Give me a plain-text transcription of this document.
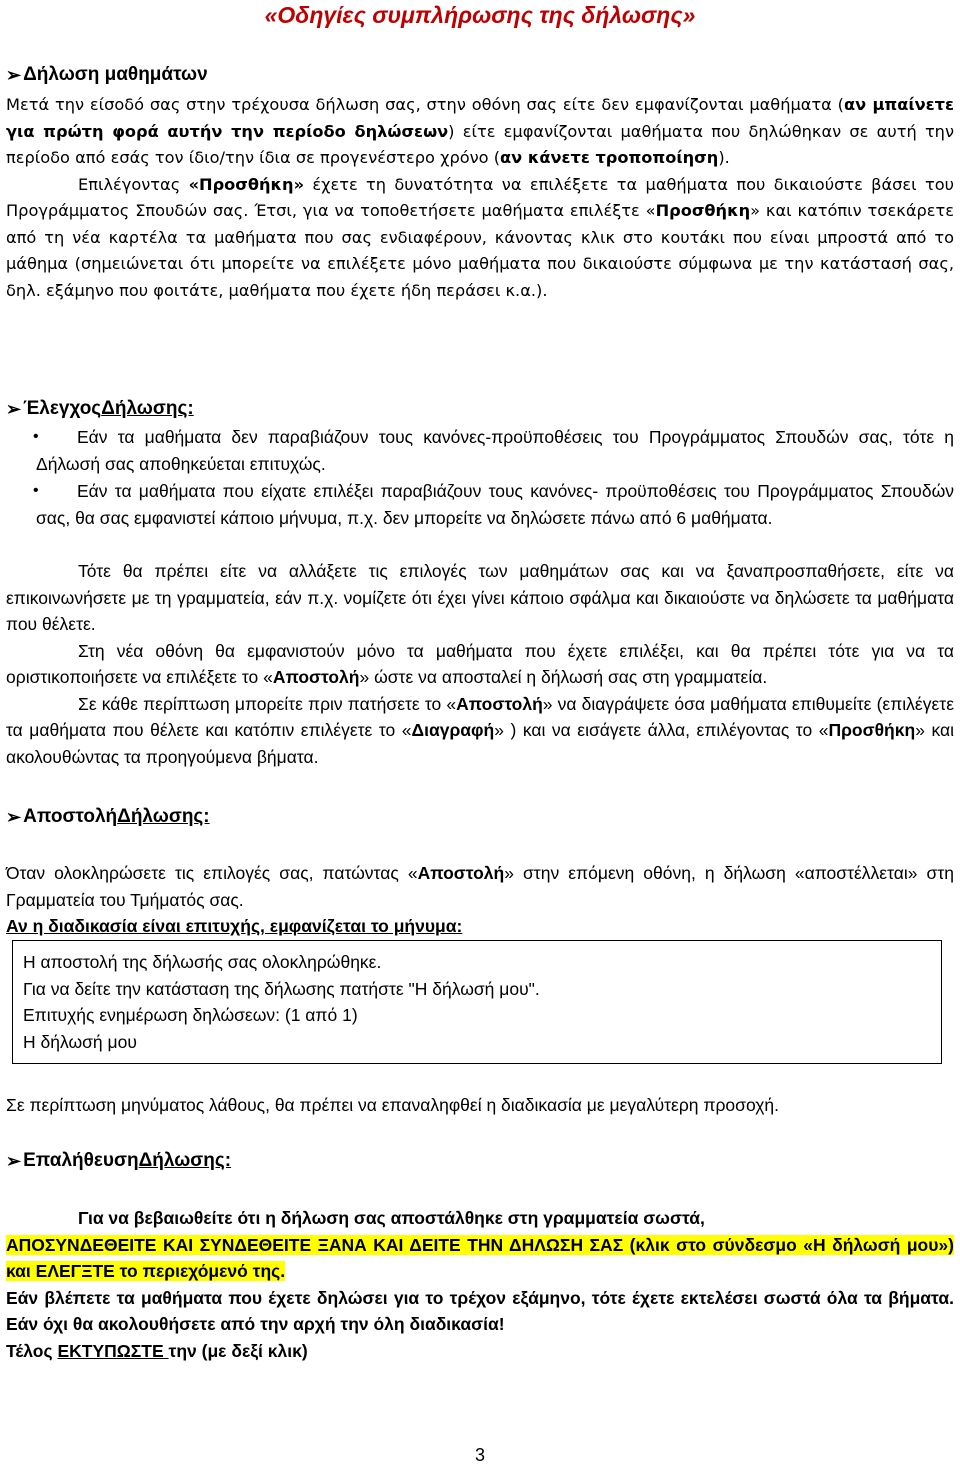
«Οδηγίες συμπλήρωσης της δήλωσης»
➢ Δήλωση μαθημάτων

Μετά την είσοδό σας στην τρέχουσα δήλωση σας, στην οθόνη σας είτε δεν εμφανίζονται μαθήματα (αν μπαίνετε για πρώτη φορά αυτήν την περίοδο δηλώσεων) είτε εμφανίζονται μαθήματα που δηλώθηκαν σε αυτή την περίοδο από εσάς τον ίδιο/την ίδια σε προγενέστερο χρόνο (αν κάνετε τροποποίηση).

Επιλέγοντας «Προσθήκη» έχετε τη δυνατότητα να επιλέξετε τα μαθήματα που δικαιούστε βάσει του Προγράμματος Σπουδών σας. Έτσι, για να τοποθετήσετε μαθήματα επιλέξτε «Προσθήκη» και κατόπιν τσεκάρετε από τη νέα καρτέλα τα μαθήματα που σας ενδιαφέρουν, κάνοντας κλικ στο κουτάκι που είναι μπροστά από το μάθημα (σημειώνεται ότι μπορείτε να επιλέξετε μόνο μαθήματα που δικαιούστε σύμφωνα με την κατάστασή σας, δηλ. εξάμηνο που φοιτάτε, μαθήματα που έχετε ήδη περάσει κ.α.).

➢ Έλεγχος Δήλωσης:
•	Εάν τα μαθήματα δεν παραβιάζουν τους κανόνες-προϋποθέσεις του Προγράμματος Σπουδών σας, τότε η Δήλωσή σας αποθηκεύεται επιτυχώς.
•	Εάν τα μαθήματα που είχατε επιλέξει παραβιάζουν τους κανόνες- προϋποθέσεις του Προγράμματος Σπουδών σας, θα σας εμφανιστεί κάποιο μήνυμα, π.χ. δεν μπορείτε να δηλώσετε πάνω από 6 μαθήματα.

Τότε θα πρέπει είτε να αλλάξετε τις επιλογές των μαθημάτων σας και να ξαναπροσπαθήσετε, είτε να επικοινωνήσετε με τη γραμματεία, εάν π.χ. νομίζετε ότι έχει γίνει κάποιο σφάλμα και δικαιούστε να δηλώσετε τα μαθήματα που θέλετε.

Στη νέα οθόνη θα εμφανιστούν μόνο τα μαθήματα που έχετε επιλέξει, και θα πρέπει τότε για να τα οριστικοποιήσετε να επιλέξετε το «Αποστολή» ώστε να αποσταλεί η δήλωσή σας στη γραμματεία.

Σε κάθε περίπτωση μπορείτε πριν πατήσετε το «Αποστολή» να διαγράψετε όσα μαθήματα επιθυμείτε (επιλέγετε τα μαθήματα που θέλετε και κατόπιν επιλέγετε το «Διαγραφή» ) και να εισάγετε άλλα, επιλέγοντας το «Προσθήκη» και ακολουθώντας τα προηγούμενα βήματα.

➢ Αποστολή Δήλωσης:

Όταν ολοκληρώσετε τις επιλογές σας, πατώντας «Αποστολή» στην επόμενη οθόνη, η δήλωση «αποστέλλεται» στη Γραμματεία του Τμήματός σας.

Αν η διαδικασία είναι επιτυχής, εμφανίζεται το μήνυμα:

Η αποστολή της δήλωσής σας ολοκληρώθηκε.
Για να δείτε την κατάσταση της δήλωσης πατήστε "Η δήλωσή μου".
Επιτυχής ενημέρωση δηλώσεων: (1 από 1)
Η δήλωσή μου
Σε περίπτωση μηνύματος λάθους, θα πρέπει να επαναληφθεί η διαδικασία με μεγαλύτερη προσοχή.
➢ Επαλήθευση Δήλωσης:

Για να βεβαιωθείτε ότι η δήλωση σας αποστάλθηκε στη γραμματεία σωστά,

ΑΠΟΣΥΝΔΕΘΕΙΤΕ ΚΑΙ ΣΥΝΔΕΘΕΙΤΕ ΞΑΝΑ ΚΑΙ ΔΕΙΤΕ ΤΗΝ ΔΗΛΩΣΗ ΣΑΣ (κλικ στο σύνδεσμο «Η δήλωσή μου») και ΕΛΕΓΞΤΕ το περιεχόμενό της.

Εάν βλέπετε τα μαθήματα που έχετε δηλώσει για το τρέχον εξάμηνο, τότε έχετε εκτελέσει σωστά όλα τα βήματα. Εάν όχι θα ακολουθήσετε από την αρχή την όλη διαδικασία!

Τέλος ΕΚΤΥΠΩΣΤΕ την (με δεξί κλικ)

3
